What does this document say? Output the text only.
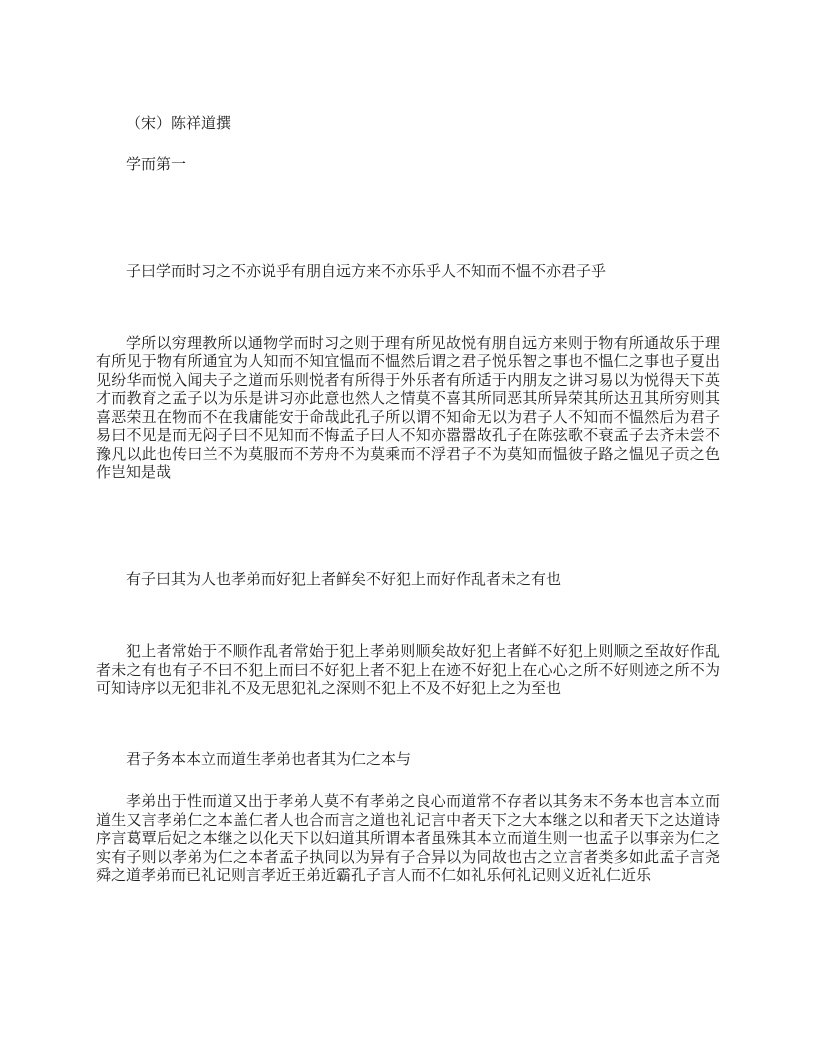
（宋）陈祥道撰

学而第一

子曰学而时习之不亦说乎有朋自远方来不亦乐乎人不知而不愠不亦君子乎

学所以穷理教所以通物学而时习之则于理有所见故悦有朋自远方来则于物有所通故乐于理有所见于物有所通宜为人知而不知宜愠而不愠然后谓之君子悦乐智之事也不愠仁之事也子夏出见纷华而悦入闻夫子之道而乐则悦者有所得于外乐者有所适于内朋友之讲习易以为悦得天下英才而教育之孟子以为乐是讲习亦此意也然人之情莫不喜其所同恶其所异荣其所达丑其所穷则其喜恶荣丑在物而不在我庸能安于命哉此孔子所以谓不知命无以为君子人不知而不愠然后为君子易曰不见是而无闷子曰不见知而不悔孟子曰人不知亦嚣嚣故孔子在陈弦歌不衰孟子去齐未尝不豫凡以此也传曰兰不为莫服而不芳舟不为莫乘而不浮君子不为莫知而愠彼子路之愠见子贡之色作岂知是哉

有子曰其为人也孝弟而好犯上者鲜矣不好犯上而好作乱者未之有也

犯上者常始于不顺作乱者常始于犯上孝弟则顺矣故好犯上者鲜不好犯上则顺之至故好作乱者未之有也有子不曰不犯上而曰不好犯上者不犯上在迹不好犯上在心心之所不好则迹之所不为可知诗序以无犯非礼不及无思犯礼之深则不犯上不及不好犯上之为至也

君子务本本立而道生孝弟也者其为仁之本与

孝弟出于性而道又出于孝弟人莫不有孝弟之良心而道常不存者以其务末不务本也言本立而道生又言孝弟仁之本盖仁者人也合而言之道也礼记言中者天下之大本继之以和者天下之达道诗序言葛覃后妃之本继之以化天下以妇道其所谓本者虽殊其本立而道生则一也孟子以事亲为仁之实有子则以孝弟为仁之本者孟子执同以为异有子合异以为同故也古之立言者类多如此孟子言尧舜之道孝弟而已礼记则言孝近王弟近霸孔子言人而不仁如礼乐何礼记则义近礼仁近乐
